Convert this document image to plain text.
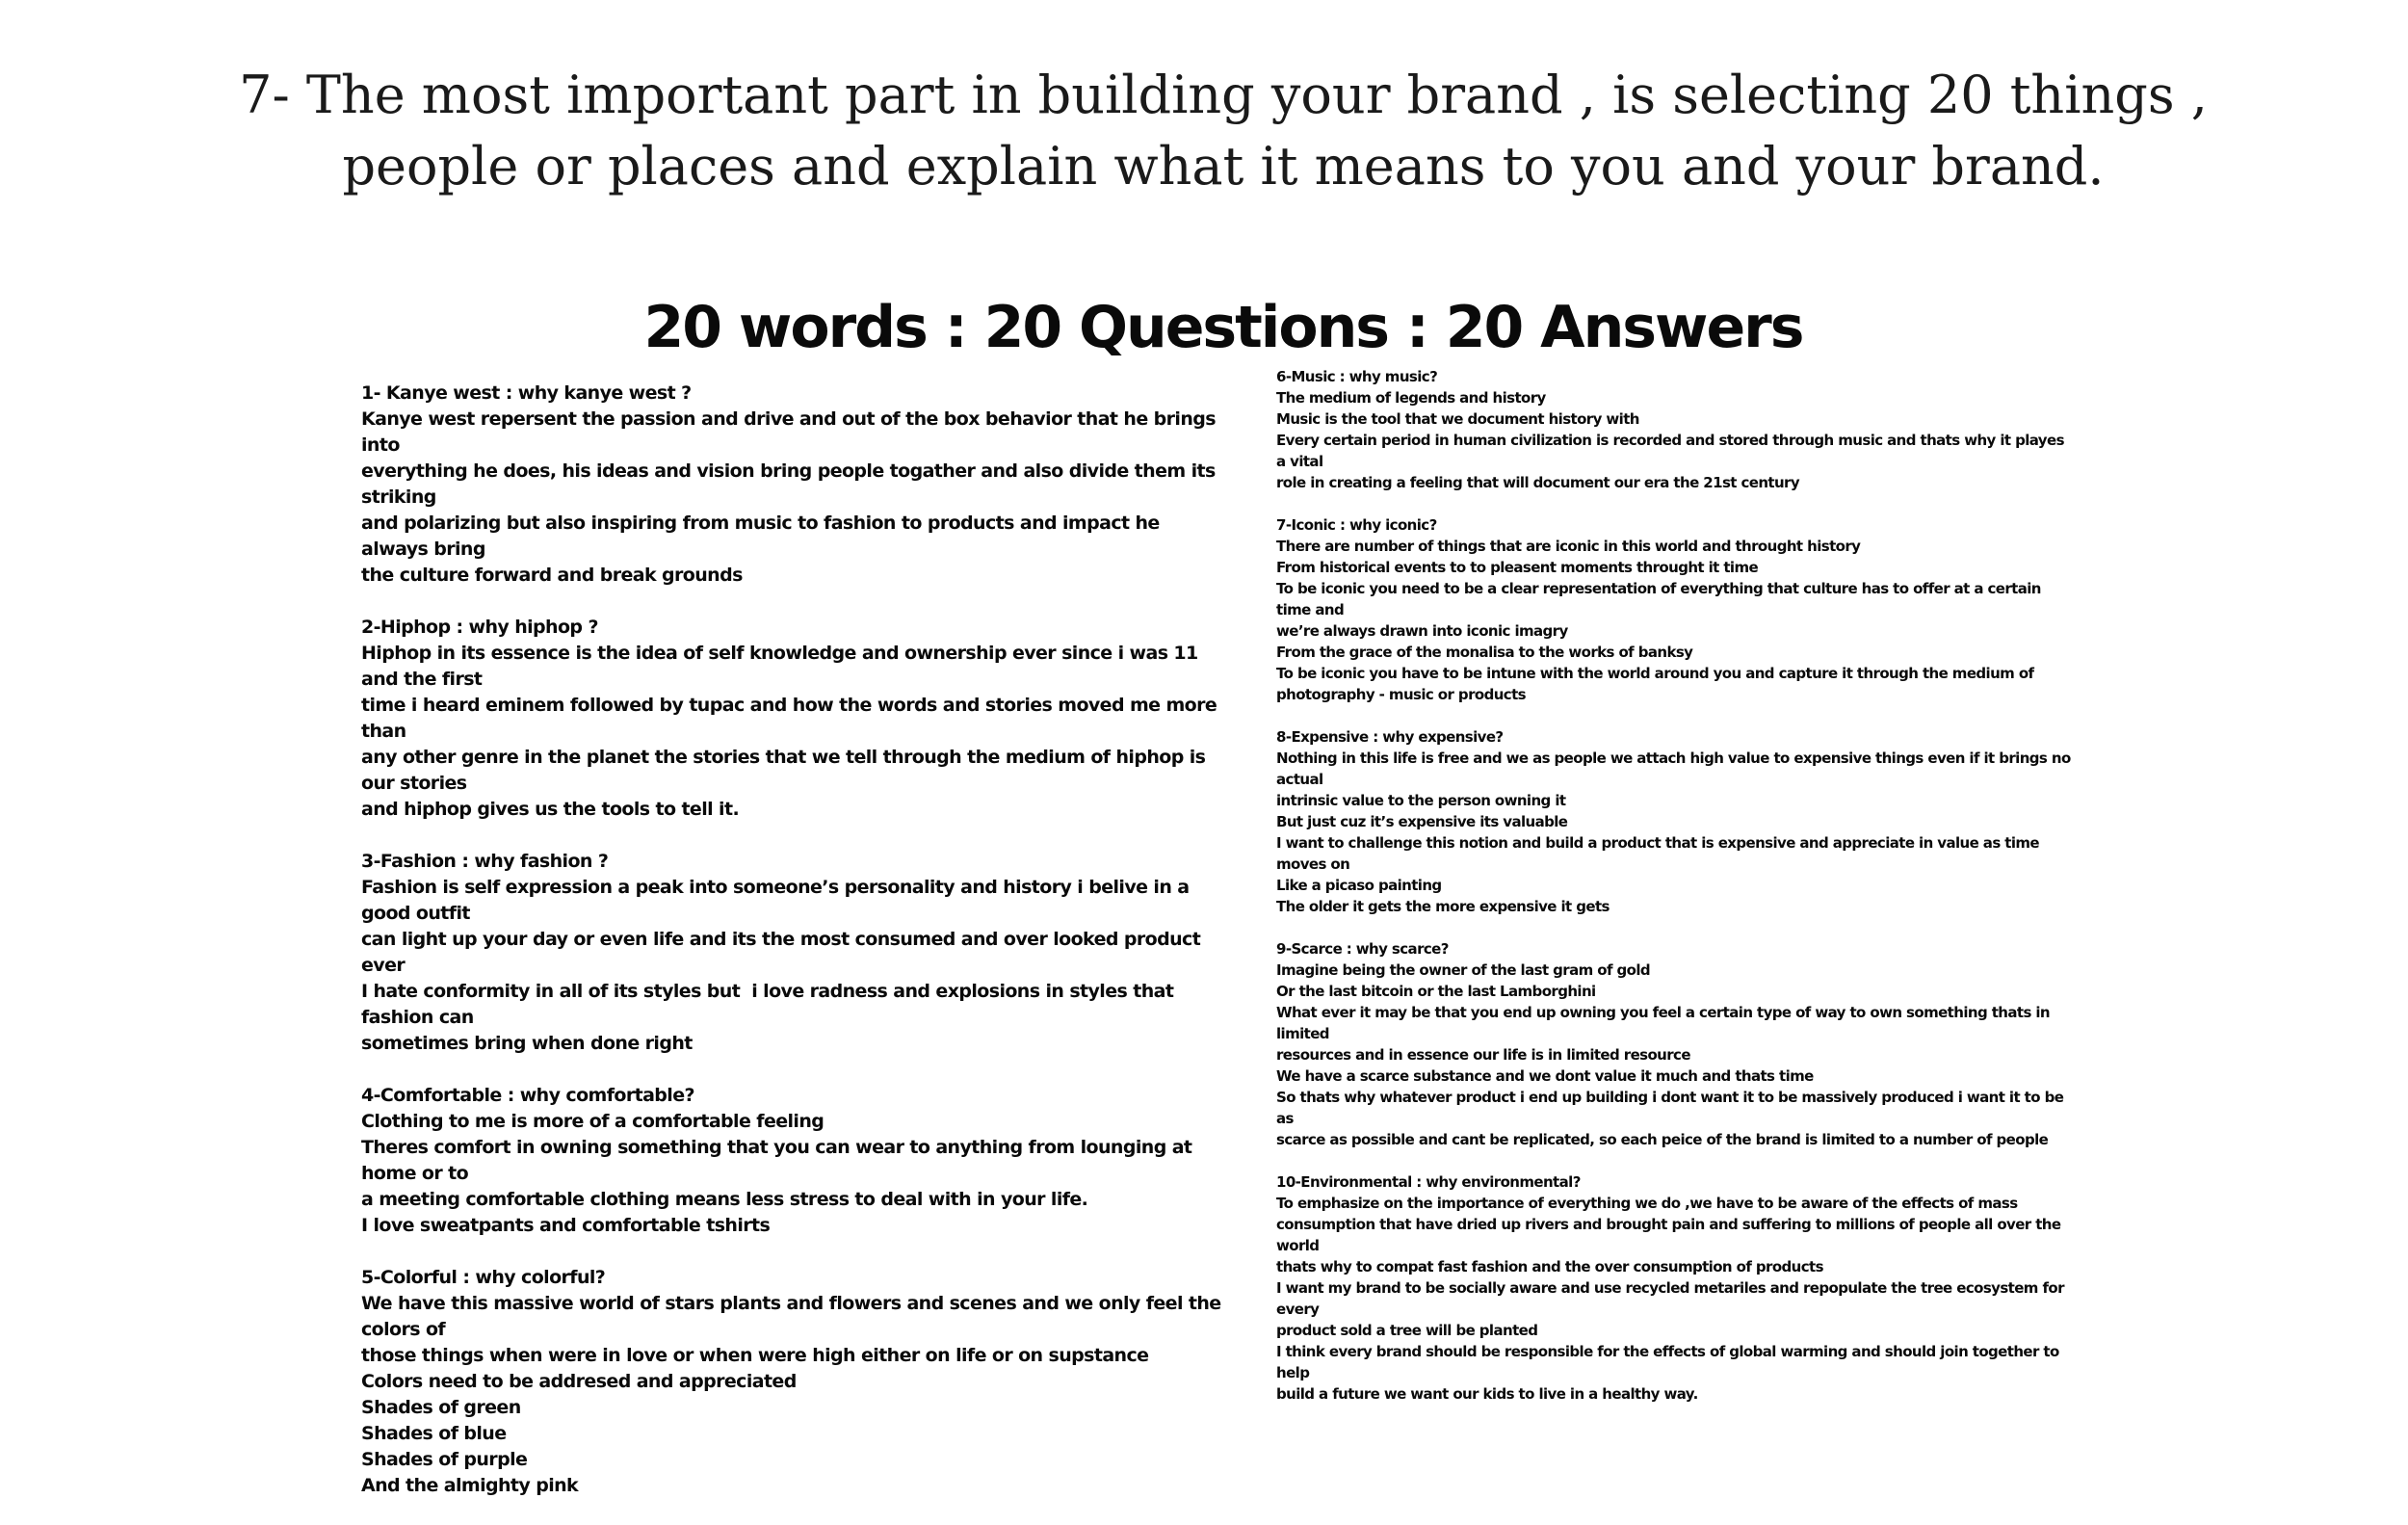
7- The most important part in building your brand , is selecting 20 things , people or places and explain what it means to you and your brand.
20 words : 20 Questions : 20 Answers
1- Kanye west : why kanye west ?
Kanye west repersent the passion and drive and out of the box behavior that he brings into
everything he does, his ideas and vision bring people togather and also divide them its striking
and polarizing but also inspiring from music to fashion to products and impact he always bring
the culture forward and break grounds
2-Hiphop : why hiphop ?
Hiphop in its essence is the idea of self knowledge and ownership ever since i was 11 and the first
time i heard eminem followed by tupac and how the words and stories moved me more than
any other genre in the planet the stories that we tell through the medium of hiphop is our stories
and hiphop gives us the tools to tell it.
3-Fashion : why fashion ?
Fashion is self expression a peak into someone’s personality and history i belive in a good outfit
can light up your day or even life and its the most consumed and over looked product ever
I hate conformity in all of its styles but  i love radness and explosions in styles that fashion can
sometimes bring when done right
4-Comfortable : why comfortable?
Clothing to me is more of a comfortable feeling
Theres comfort in owning something that you can wear to anything from lounging at home or to
a meeting comfortable clothing means less stress to deal with in your life.
I love sweatpants and comfortable tshirts
5-Colorful : why colorful?
We have this massive world of stars plants and flowers and scenes and we only feel the colors of
those things when were in love or when were high either on life or on supstance
Colors need to be addresed and appreciated
Shades of green
Shades of blue
Shades of purple
And the almighty pink
6-Music : why music?
The medium of legends and history
Music is the tool that we document history with
Every certain period in human civilization is recorded and stored through music and thats why it playes a vital
role in creating a feeling that will document our era the 21st century
7-Iconic : why iconic?
There are number of things that are iconic in this world and throught history
From historical events to to pleasent moments throught it time
To be iconic you need to be a clear representation of everything that culture has to offer at a certain time and
we’re always drawn into iconic imagry
From the grace of the monalisa to the works of banksy
To be iconic you have to be intune with the world around you and capture it through the medium of
photography - music or products
8-Expensive : why expensive?
Nothing in this life is free and we as people we attach high value to expensive things even if it brings no actual
intrinsic value to the person owning it
But just cuz it’s expensive its valuable
I want to challenge this notion and build a product that is expensive and appreciate in value as time moves on
Like a picaso painting
The older it gets the more expensive it gets
9-Scarce : why scarce?
Imagine being the owner of the last gram of gold
Or the last bitcoin or the last Lamborghini
What ever it may be that you end up owning you feel a certain type of way to own something thats in limited
resources and in essence our life is in limited resource
We have a scarce substance and we dont value it much and thats time
So thats why whatever product i end up building i dont want it to be massively produced i want it to be as
scarce as possible and cant be replicated, so each peice of the brand is limited to a number of people
10-Environmental : why environmental?
To emphasize on the importance of everything we do ,we have to be aware of the effects of mass
consumption that have dried up rivers and brought pain and suffering to millions of people all over the world
thats why to compat fast fashion and the over consumption of products
I want my brand to be socially aware and use recycled metariles and repopulate the tree ecosystem for every
product sold a tree will be planted
I think every brand should be responsible for the effects of global warming and should join together to help
build a future we want our kids to live in a healthy way.
